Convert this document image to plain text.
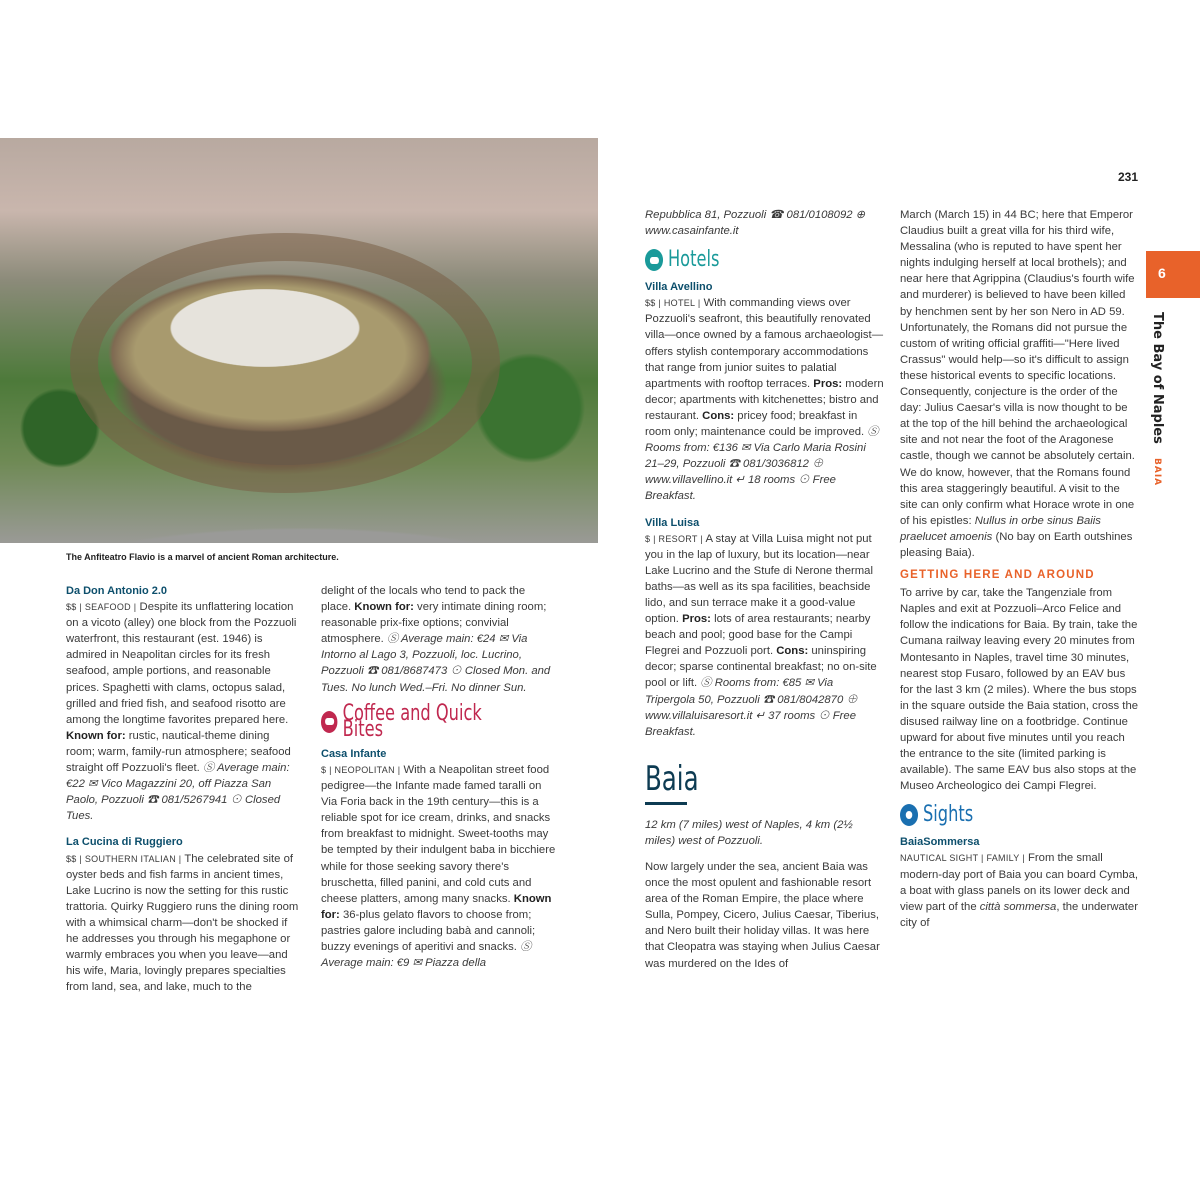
The Anfiteatro Flavio is a marvel of ancient Roman architecture.
231
6
The Bay of Naples BAIA
Da Don Antonio 2.0

$$ | SEAFOOD | Despite its unflattering location on a vicoto (alley) one block from the Pozzuoli waterfront, this restaurant (est. 1946) is admired in Neapolitan circles for its fresh seafood, ample portions, and reasonable prices. Spaghetti with clams, octopus salad, grilled and fried fish, and seafood risotto are among the longtime favorites prepared here. Known for: rustic, nautical-theme dining room; warm, family-run atmosphere; seafood straight off Pozzuoli's fleet. Ⓢ Average main: €22 ✉ Vico Magazzini 20, off Piazza San Paolo, Pozzuoli ☎ 081/5267941 ⊙ Closed Tues.

La Cucina di Ruggiero

$$ | SOUTHERN ITALIAN | The celebrated site of oyster beds and fish farms in ancient times, Lake Lucrino is now the setting for this rustic trattoria. Quirky Ruggiero runs the dining room with a whimsical charm—don't be shocked if he addresses you through his megaphone or warmly embraces you when you leave—and his wife, Maria, lovingly prepares specialties from land, sea, and lake, much to the

delight of the locals who tend to pack the place. Known for: very intimate dining room; reasonable prix-fixe options; convivial atmosphere. Ⓢ Average main: €24 ✉ Via Intorno al Lago 3, Pozzuoli, loc. Lucrino, Pozzuoli ☎ 081/8687473 ⊙ Closed Mon. and Tues. No lunch Wed.–Fri. No dinner Sun.

Coffee and Quick Bites
Casa Infante

$ | NEOPOLITAN | With a Neapolitan street food pedigree—the Infante made famed taralli on Via Foria back in the 19th century—this is a reliable spot for ice cream, drinks, and snacks from breakfast to midnight. Sweet-tooths may be tempted by their indulgent baba in bicchiere while for those seeking savory there's bruschetta, filled panini, and cold cuts and cheese platters, among many snacks. Known for: 36-plus gelato flavors to choose from; pastries galore including babà and cannoli; buzzy evenings of aperitivi and snacks. Ⓢ Average main: €9 ✉ Piazza della

Repubblica 81, Pozzuoli ☎ 081/0108092 ⊕ www.casainfante.it

Hotels
Villa Avellino

$$ | HOTEL | With commanding views over Pozzuoli's seafront, this beautifully renovated villa—once owned by a famous archaeologist—offers stylish contemporary accommodations that range from junior suites to palatial apartments with rooftop terraces. Pros: modern decor; apartments with kitchenettes; bistro and restaurant. Cons: pricey food; breakfast in room only; maintenance could be improved. Ⓢ Rooms from: €136 ✉ Via Carlo Maria Rosini 21–29, Pozzuoli ☎ 081/3036812 ⊕ www.villavellino.it ↵ 18 rooms ⊙ Free Breakfast.

Villa Luisa

$ | RESORT | A stay at Villa Luisa might not put you in the lap of luxury, but its location—near Lake Lucrino and the Stufe di Nerone thermal baths—as well as its spa facilities, beachside lido, and sun terrace make it a good-value option. Pros: lots of area restaurants; nearby beach and pool; good base for the Campi Flegrei and Pozzuoli port. Cons: uninspiring decor; sparse continental breakfast; no on-site pool or lift. Ⓢ Rooms from: €85 ✉ Via Tripergola 50, Pozzuoli ☎ 081/8042870 ⊕ www.villaluisaresort.it ↵ 37 rooms ⊙ Free Breakfast.

Baia

12 km (7 miles) west of Naples, 4 km (2½ miles) west of Pozzuoli.

Now largely under the sea, ancient Baia was once the most opulent and fashionable resort area of the Roman Empire, the place where Sulla, Pompey, Cicero, Julius Caesar, Tiberius, and Nero built their holiday villas. It was here that Cleopatra was staying when Julius Caesar was murdered on the Ides of

March (March 15) in 44 BC; here that Emperor Claudius built a great villa for his third wife, Messalina (who is reputed to have spent her nights indulging herself at local brothels); and near here that Agrippina (Claudius's fourth wife and murderer) is believed to have been killed by henchmen sent by her son Nero in AD 59. Unfortunately, the Romans did not pursue the custom of writing official graffiti—"Here lived Crassus" would help—so it's difficult to assign these historical events to specific locations. Consequently, conjecture is the order of the day: Julius Caesar's villa is now thought to be at the top of the hill behind the archaeological site and not near the foot of the Aragonese castle, though we cannot be absolutely certain. We do know, however, that the Romans found this area staggeringly beautiful. A visit to the site can only confirm what Horace wrote in one of his epistles: Nullus in orbe sinus Baiis praelucet amoenis (No bay on Earth outshines pleasing Baia).

GETTING HERE AND AROUND

To arrive by car, take the Tangenziale from Naples and exit at Pozzuoli–Arco Felice and follow the indications for Baia. By train, take the Cumana railway leaving every 20 minutes from Montesanto in Naples, travel time 30 minutes, nearest stop Fusaro, followed by an EAV bus for the last 3 km (2 miles). Where the bus stops in the square outside the Baia station, cross the disused railway line on a footbridge. Continue upward for about five minutes until you reach the entrance to the site (limited parking is available). The same EAV bus also stops at the Museo Archeologico dei Campi Flegrei.

Sights
BaiaSommersa

NAUTICAL SIGHT | FAMILY | From the small modern-day port of Baia you can board Cymba, a boat with glass panels on its lower deck and view part of the città sommersa, the underwater city of
